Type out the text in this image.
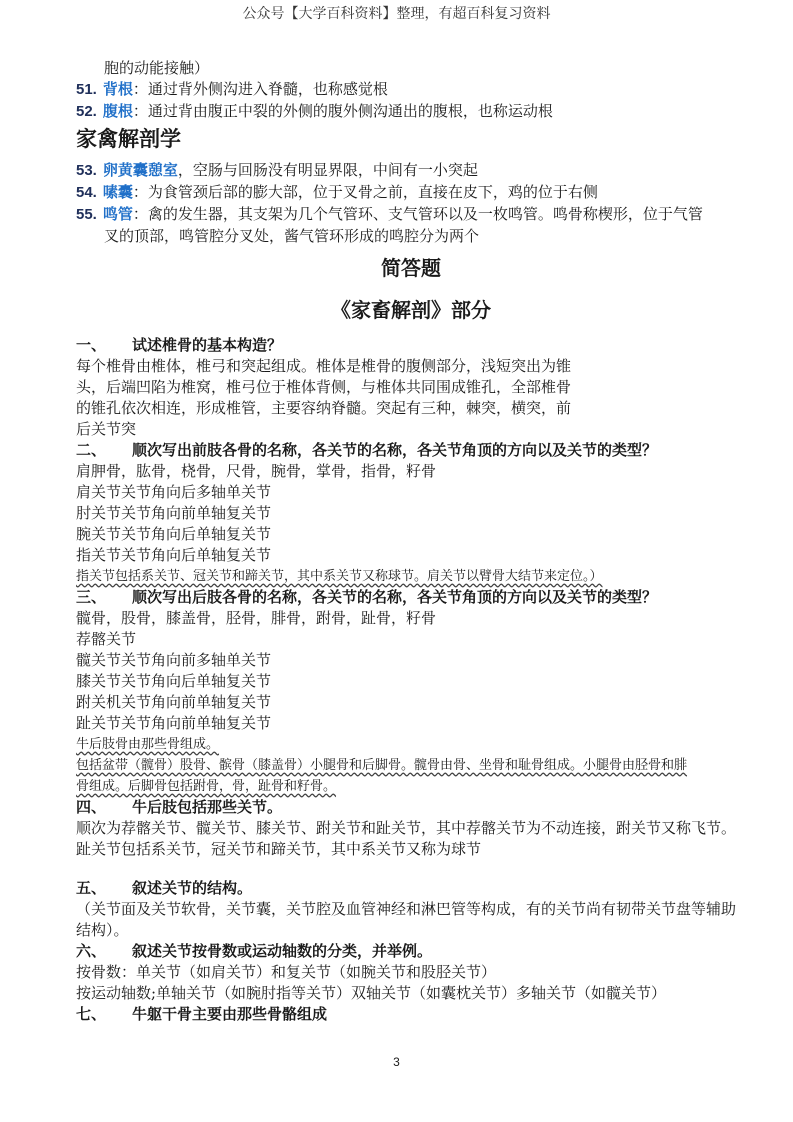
公众号【大学百科资料】整理，有超百科复习资料
胞的动能接触）
51. 背根：通过背外侧沟进入脊髓，也称感觉根
52. 腹根：通过背由腹正中裂的外侧的腹外侧沟通出的腹根，也称运动根
家禽解剖学
53. 卵黄囊憩室，空肠与回肠没有明显界限，中间有一小突起
54. 嗉囊：为食管颈后部的膨大部，位于叉骨之前，直接在皮下，鸡的位于右侧
55. 鸣管：禽的发生器，其支架为几个气管环、支气管环以及一枚鸣管。鸣骨称楔形，位于气管
叉的顶部，鸣管腔分叉处，酱气管环形成的鸣腔分为两个
简答题
《家畜解剖》部分
一、 试述椎骨的基本构造？
每个椎骨由椎体，椎弓和突起组成。椎体是椎骨的腹侧部分，浅短突出为锥
头，后端凹陷为椎窝，椎弓位于椎体背侧，与椎体共同围成锥孔，全部椎骨
的锥孔依次相连，形成椎管，主要容纳脊髓。突起有三种，棘突，横突，前
后关节突
二、 顺次写出前肢各骨的名称，各关节的名称，各关节角顶的方向以及关节的类型？
肩胛骨，肱骨，桡骨，尺骨，腕骨，掌骨，指骨，籽骨
肩关节关节角向后多轴单关节
肘关节关节角向前单轴复关节
腕关节关节角向后单轴复关节
指关节关节角向后单轴复关节
指关节包括系关节、冠关节和蹄关节，其中系关节又称球节。肩关节以臂骨大结节来定位。）
三、 顺次写出后肢各骨的名称，各关节的名称，各关节角顶的方向以及关节的类型？
髋骨，股骨，膝盖骨，胫骨，腓骨，跗骨，趾骨，籽骨
荐髂关节
髋关节关节角向前多轴单关节
膝关节关节角向后单轴复关节
跗关机关节角向前单轴复关节
趾关节关节角向前单轴复关节
牛后肢骨由那些骨组成。
包括盆带（髋骨）股骨、髌骨（膝盖骨）小腿骨和后脚骨。髋骨由骨、坐骨和耻骨组成。小腿骨由胫骨和腓
骨组成。后脚骨包括跗骨，骨，趾骨和籽骨。
四、 牛后肢包括那些关节。
顺次为荐髂关节、髋关节、膝关节、跗关节和趾关节，其中荐髂关节为不动连接，跗关节又称飞节。趾关节包括系关节，冠关节和蹄关节，其中系关节又称为球节
五、 叙述关节的结构。
（关节面及关节软骨，关节囊，关节腔及血管神经和淋巴管等构成，有的关节尚有韧带关节盘等辅助结构）。
六、 叙述关节按骨数或运动轴数的分类，并举例。
按骨数：单关节（如肩关节）和复关节（如腕关节和股胫关节）
按运动轴数;单轴关节（如腕肘指等关节）双轴关节（如囊枕关节）多轴关节（如髋关节）
七、 牛躯干骨主要由那些骨骼组成
3
